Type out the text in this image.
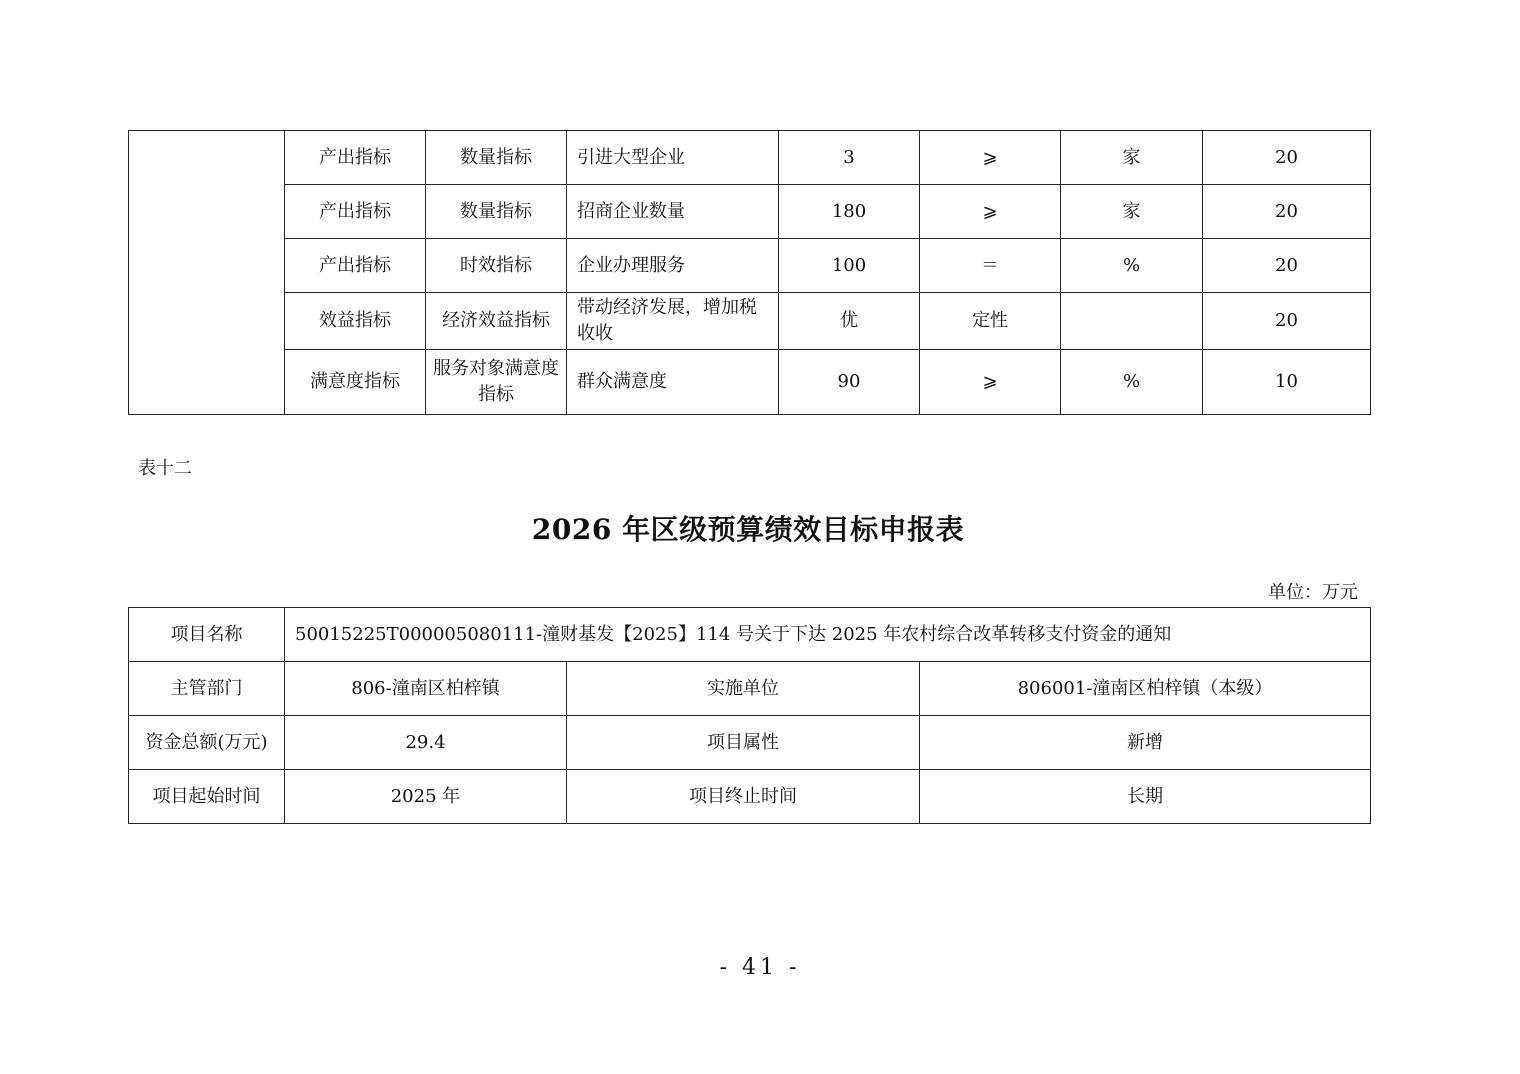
	产出指标	数量指标	引进大型企业	3	⩾	家	20
	产出指标	数量指标	招商企业数量	180	⩾	家	20
	产出指标	时效指标	企业办理服务	100	＝	%	20
	效益指标	经济效益指标	带动经济发展，增加税收收	优	定性		20
	满意度指标	服务对象满意度指标	群众满意度	90	⩾	%	10
表十二
2026 年区级预算绩效目标申报表
单位：万元
项目名称	50015225T000005080111-潼财基发【2025】114 号关于下达 2025 年农村综合改革转移支付资金的通知		
主管部门	806-潼南区柏梓镇	实施单位	806001-潼南区柏梓镇（本级）
资金总额(万元)	29.4	项目属性	新增
项目起始时间	2025 年	项目终止时间	长期
- 41 -
